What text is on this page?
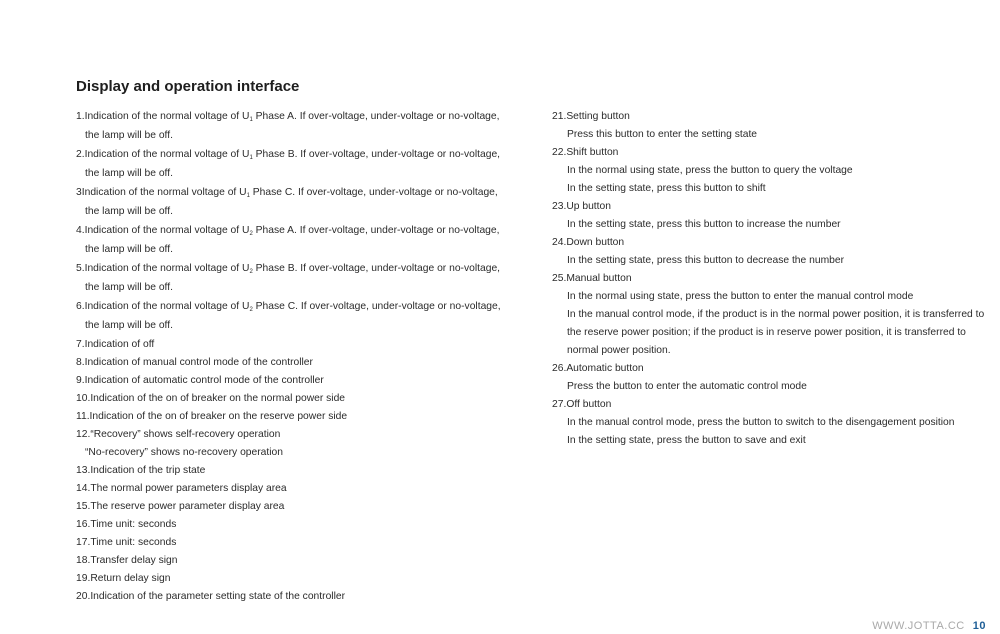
Display and operation interface
1.Indication of the normal voltage of $U_1$ Phase A. If over-voltage, under-voltage or no-voltage,
the lamp will be off.
2.Indication of the normal voltage of $U_1$ Phase B. If over-voltage, under-voltage or no-voltage,
the lamp will be off.
3Indication of the normal voltage of $U_1$ Phase C. If over-voltage, under-voltage or no-voltage,
the lamp will be off.
4.Indication of the normal voltage of $U_2$ Phase A. If over-voltage, under-voltage or no-voltage,
the lamp will be off.
5.Indication of the normal voltage of $U_2$ Phase B. If over-voltage, under-voltage or no-voltage,
the lamp will be off.
6.Indication of the normal voltage of $U_2$ Phase C. If over-voltage, under-voltage or no-voltage,
the lamp will be off.
7.Indication of off
8.Indication of manual control mode of the controller
9.Indication of automatic control mode of the controller
10.Indication of the on of breaker on the normal power side
11.Indication of the on of breaker on the reserve power side
12.“Recovery” shows self-recovery operation
“No-recovery” shows no-recovery operation
13.Indication of the trip state
14.The normal power parameters display area
15.The reserve power parameter display area
16.Time unit: seconds
17.Time unit: seconds
18.Transfer delay sign
19.Return delay sign
20.Indication of the parameter setting state of the controller
21.Setting button
Press this button to enter the setting state
22.Shift button
In the normal using state, press the button to query the voltage
In the setting state, press this button to shift
23.Up button
In the setting state, press this button to increase the number
24.Down button
In the setting state, press this button to decrease the number
25.Manual button
In the normal using state, press the button to enter the manual control mode
In the manual control mode, if the product is in the normal power position, it is transferred to
the reserve power position; if the product is in reserve power position, it is transferred to
normal power position.
26.Automatic button
Press the button to enter the automatic control mode
27.Off button
In the manual control mode, press the button to switch to the disengagement position
In the setting state, press the button to save and exit
WWW.JOTTA.CC 10
